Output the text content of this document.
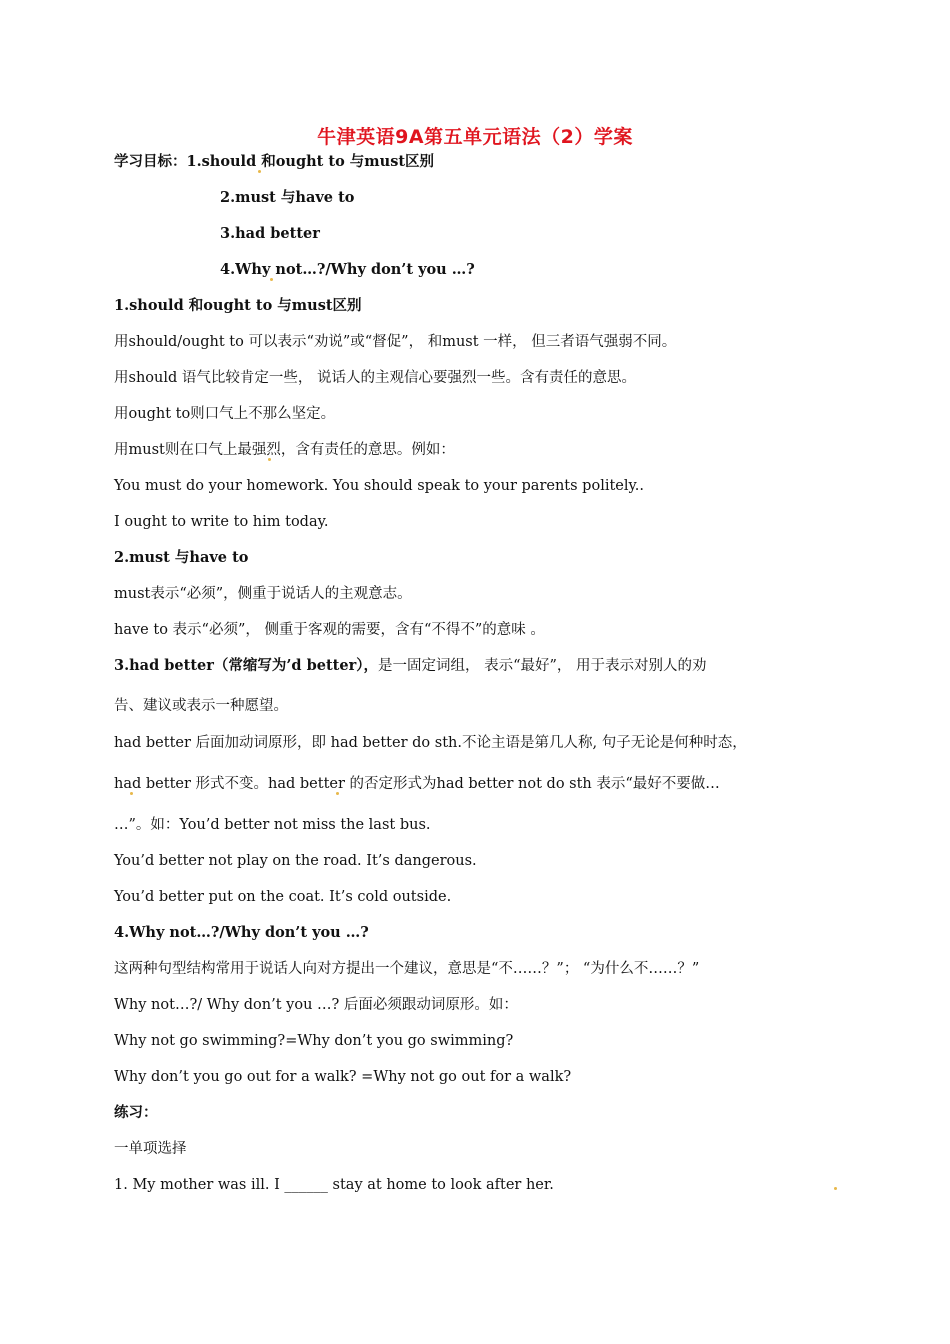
牛津英语9A第五单元语法（2）学案
学习目标：1.should 和ought to 与must区别
2.must 与have to
3.had better
4.Why not…?/Why don’t you …?
1.should 和ought to 与must区别
用should/ought to 可以表示“劝说”或“督促”， 和must 一样， 但三者语气强弱不同。
用should 语气比较肯定一些， 说话人的主观信心要强烈一些。含有责任的意思。
用ought to则口气上不那么坚定。
用must则在口气上最强烈，含有责任的意思。例如：
You must do your homework. You should speak to your parents politely..
I ought to write to him today.
2.must 与have to
must表示“必须”，侧重于说话人的主观意志。
have to 表示“必须”， 侧重于客观的需要，含有“不得不”的意味 。
3.had better（常缩写为’d better），是一固定词组， 表示“最好”， 用于表示对别人的劝
告、建议或表示一种愿望。
had better 后面加动词原形，即 had better do sth.不论主语是第几人称, 句子无论是何种时态，
had better 形式不变。had better 的否定形式为had better not do sth 表示“最好不要做…
…”。如：You’d better not miss the last bus.
You’d better not play on the road. It’s dangerous.
You’d better put on the coat. It’s cold outside.
4.Why not…?/Why don’t you …?
这两种句型结构常用于说话人向对方提出一个建议，意思是“不……？”； “为什么不……？”
Why not…?/ Why don’t you …? 后面必须跟动词原形。如：
Why not go swimming?=Why don’t you go swimming?
Why don’t you go out for a walk? =Why not go out for a walk?
练习：
一单项选择
1. My mother was ill. I ______ stay at home to look after her.
